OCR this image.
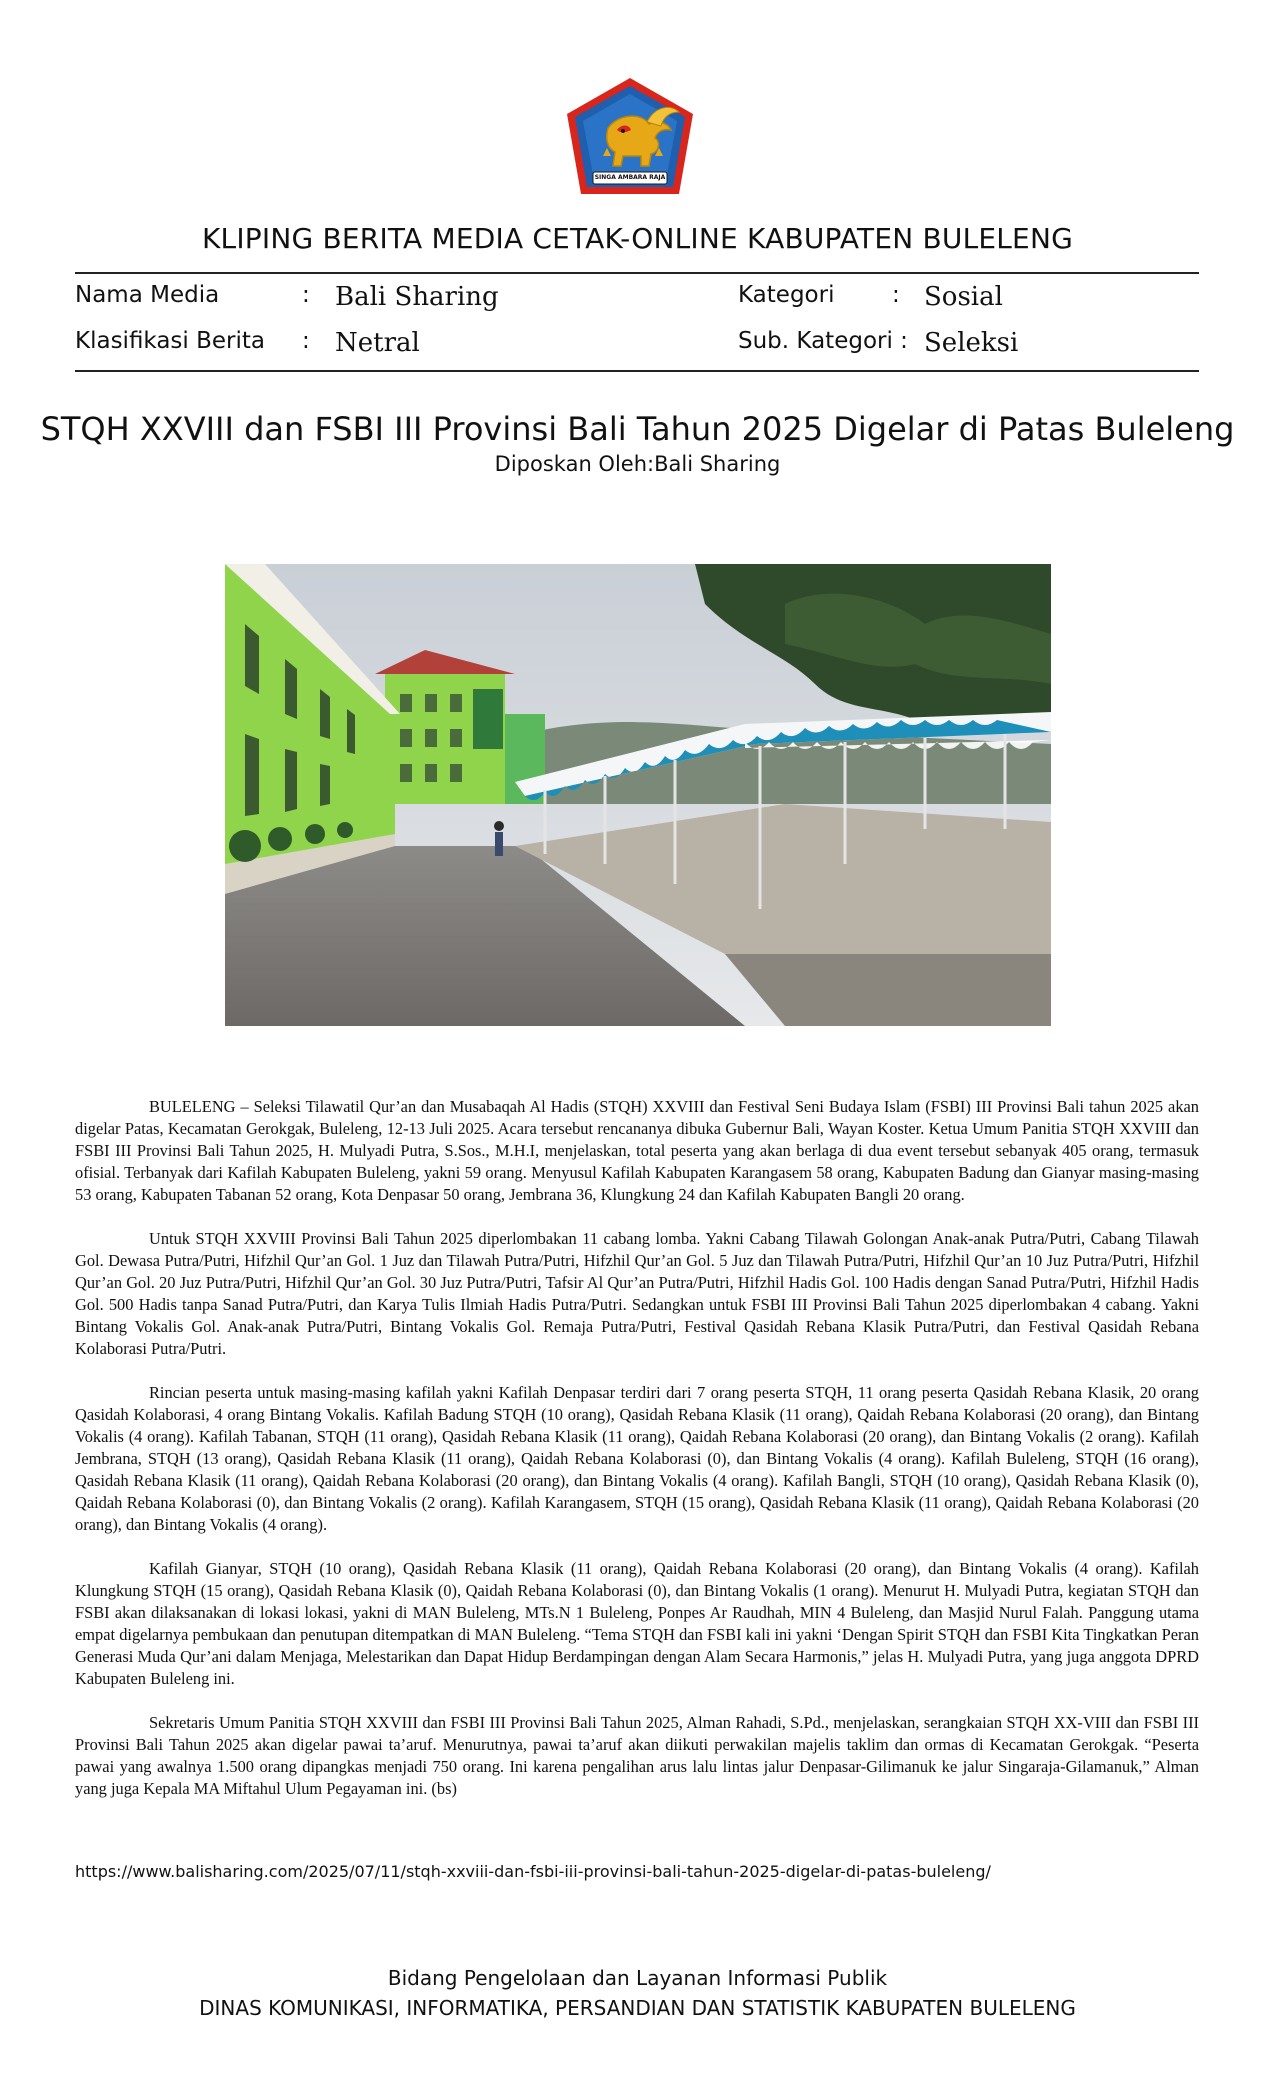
SINGA AMBARA RAJA
KLIPING BERITA MEDIA CETAK-ONLINE KABUPATEN BULELENG
Nama Media	: Bali Sharing
Klasifikasi Berita : Netral
Kategori	: Sosial
Sub. Kategori : Seleksi
STQH XXVIII dan FSBI III Provinsi Bali Tahun 2025 Digelar di Patas Buleleng
Diposkan Oleh:Bali Sharing

BULELENG – Seleksi Tilawatil Qur’an dan Musabaqah Al Hadis (STQH) XXVIII dan Festival Seni Budaya Islam (FSBI) III Provinsi Bali tahun 2025 akan digelar Patas, Kecamatan Gerokgak, Buleleng, 12-13 Juli 2025. Acara tersebut rencananya dibuka Gubernur Bali, Wayan Koster. Ketua Umum Panitia STQH XXVIII dan FSBI III Provinsi Bali Tahun 2025, H. Mulyadi Putra, S.Sos., M.H.I, menjelaskan, total peserta yang akan berlaga di dua event tersebut sebanyak 405 orang, termasuk ofisial. Terbanyak dari Kafilah Kabupaten Buleleng, yakni 59 orang. Menyusul Kafilah Kabupaten Karangasem 58 orang, Kabupaten Badung dan Gianyar masing-masing 53 orang, Kabupaten Tabanan 52 orang, Kota Denpasar 50 orang, Jembrana 36, Klungkung 24 dan Kafilah Kabupaten Bangli 20 orang.

Untuk STQH XXVIII Provinsi Bali Tahun 2025 diperlombakan 11 cabang lomba. Yakni Cabang Tilawah Golongan Anak-anak Putra/Putri, Cabang Tilawah Gol. Dewasa Putra/Putri, Hifzhil Qur’an Gol. 1 Juz dan Tilawah Putra/Putri, Hifzhil Qur’an Gol. 5 Juz dan Tilawah Putra/Putri, Hifzhil Qur’an 10 Juz Putra/Putri, Hifzhil Qur’an Gol. 20 Juz Putra/Putri, Hifzhil Qur’an Gol. 30 Juz Putra/Putri, Tafsir Al Qur’an Putra/Putri, Hifzhil Hadis Gol. 100 Hadis dengan Sanad Putra/Putri, Hifzhil Hadis Gol. 500 Hadis tanpa Sanad Putra/Putri, dan Karya Tulis Ilmiah Hadis Putra/Putri. Sedangkan untuk FSBI III Provinsi Bali Tahun 2025 diperlombakan 4 cabang. Yakni Bintang Vokalis Gol. Anak-anak Putra/Putri, Bintang Vokalis Gol. Remaja Putra/Putri, Festival Qasidah Rebana Klasik Putra/Putri, dan Festival Qasidah Rebana Kolaborasi Putra/Putri.

Rincian peserta untuk masing-masing kafilah yakni Kafilah Denpasar terdiri dari 7 orang peserta STQH, 11 orang peserta Qasidah Rebana Klasik, 20 orang Qasidah Kolaborasi, 4 orang Bintang Vokalis. Kafilah Badung STQH (10 orang), Qasidah Rebana Klasik (11 orang), Qaidah Rebana Kolaborasi (20 orang), dan Bintang Vokalis (4 orang). Kafilah Tabanan, STQH (11 orang), Qasidah Rebana Klasik (11 orang), Qaidah Rebana Kolaborasi (20 orang), dan Bintang Vokalis (2 orang). Kafilah Jembrana, STQH (13 orang), Qasidah Rebana Klasik (11 orang), Qaidah Rebana Kolaborasi (0), dan Bintang Vokalis (4 orang). Kafilah Buleleng, STQH (16 orang), Qasidah Rebana Klasik (11 orang), Qaidah Rebana Kolaborasi (20 orang), dan Bintang Vokalis (4 orang). Kafilah Bangli, STQH (10 orang), Qasidah Rebana Klasik (0), Qaidah Rebana Kolaborasi (0), dan Bintang Vokalis (2 orang). Kafilah Karangasem, STQH (15 orang), Qasidah Rebana Klasik (11 orang), Qaidah Rebana Kolaborasi (20 orang), dan Bintang Vokalis (4 orang).

Kafilah Gianyar, STQH (10 orang), Qasidah Rebana Klasik (11 orang), Qaidah Rebana Kolaborasi (20 orang), dan Bintang Vokalis (4 orang). Kafilah Klungkung STQH (15 orang), Qasidah Rebana Klasik (0), Qaidah Rebana Kolaborasi (0), dan Bintang Vokalis (1 orang). Menurut H. Mulyadi Putra, kegiatan STQH dan FSBI akan dilaksanakan di lokasi lokasi, yakni di MAN Buleleng, MTs.N 1 Buleleng, Ponpes Ar Raudhah, MIN 4 Buleleng, dan Masjid Nurul Falah. Panggung utama empat digelarnya pembukaan dan penutupan ditempatkan di MAN Buleleng. “Tema STQH dan FSBI kali ini yakni ‘Dengan Spirit STQH dan FSBI Kita Tingkatkan Peran Generasi Muda Qur’ani dalam Menjaga, Melestarikan dan Dapat Hidup Berdampingan dengan Alam Secara Harmonis,” jelas H. Mulyadi Putra, yang juga anggota DPRD Kabupaten Buleleng ini.

Sekretaris Umum Panitia STQH XXVIII dan FSBI III Provinsi Bali Tahun 2025, Alman Rahadi, S.Pd., menjelaskan, serangkaian STQH XX-VIII dan FSBI III Provinsi Bali Tahun 2025 akan digelar pawai ta’aruf. Menurutnya, pawai ta’aruf akan diikuti perwakilan majelis taklim dan ormas di Kecamatan Gerokgak. “Peserta pawai yang awalnya 1.500 orang dipangkas menjadi 750 orang. Ini karena pengalihan arus lalu lintas jalur Denpasar-Gilimanuk ke jalur Singaraja-Gilamanuk,” Alman yang juga Kepala MA Miftahul Ulum Pegayaman ini. (bs)

https://www.balisharing.com/2025/07/11/stqh-xxviii-dan-fsbi-iii-provinsi-bali-tahun-2025-digelar-di-patas-buleleng/
Bidang Pengelolaan dan Layanan Informasi Publik
DINAS KOMUNIKASI, INFORMATIKA, PERSANDIAN DAN STATISTIK KABUPATEN BULELENG
